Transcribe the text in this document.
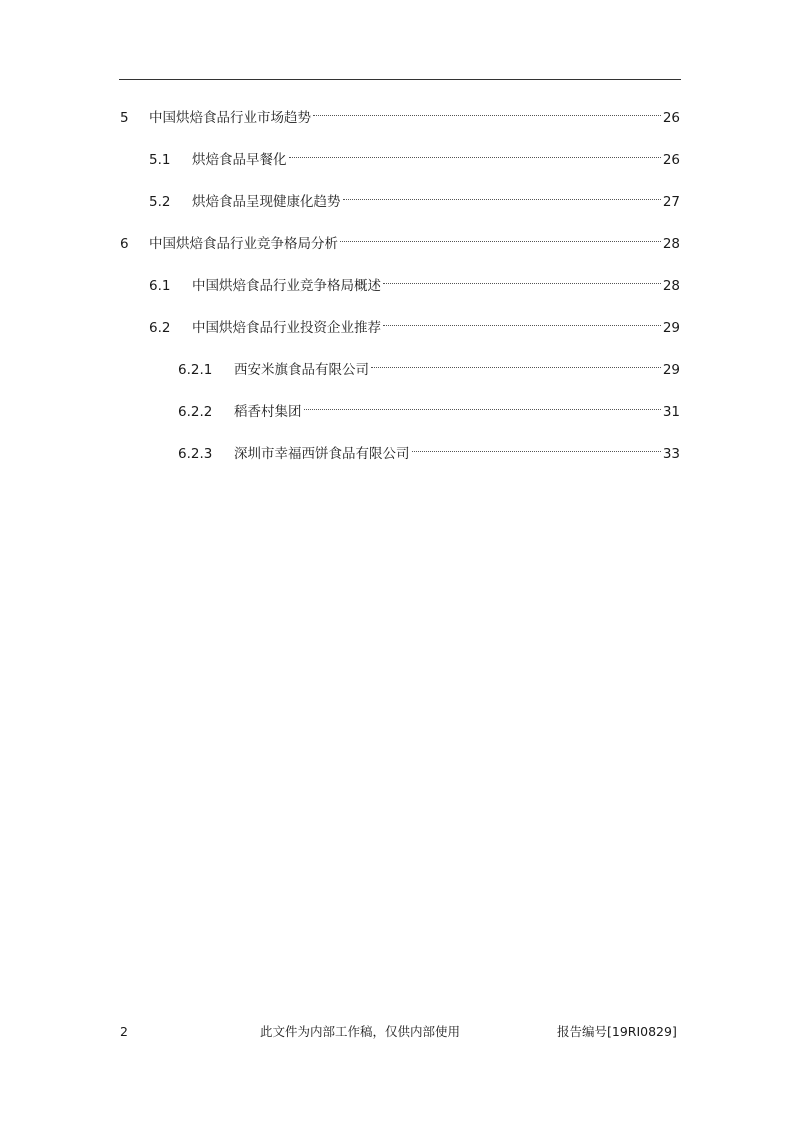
5	中国烘焙食品行业市场趋势	26
5.1	烘焙食品早餐化	26
5.2	烘焙食品呈现健康化趋势	27
6	中国烘焙食品行业竞争格局分析	28
6.1	中国烘焙食品行业竞争格局概述	28
6.2	中国烘焙食品行业投资企业推荐	29
6.2.1	西安米旗食品有限公司	29
6.2.2	稻香村集团	31
6.2.3	深圳市幸福西饼食品有限公司	33
2	此文件为内部工作稿，仅供内部使用	报告编号[19RI0829]
